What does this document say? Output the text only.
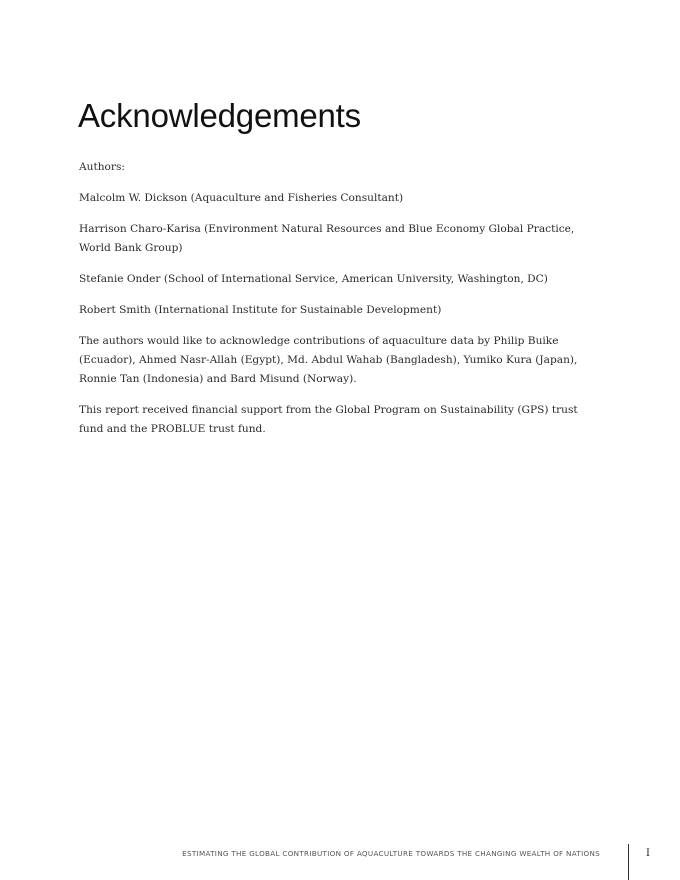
Acknowledgements

Authors:

Malcolm W. Dickson (Aquaculture and Fisheries Consultant)

Harrison Charo-Karisa (Environment Natural Resources and Blue Economy Global Practice, World Bank Group)

Stefanie Onder (School of International Service, American University, Washington, DC)

Robert Smith (International Institute for Sustainable Development)

The authors would like to acknowledge contributions of aquaculture data by Philip Buike (Ecuador), Ahmed Nasr-Allah (Egypt), Md. Abdul Wahab (Bangladesh), Yumiko Kura (Japan), Ronnie Tan (Indonesia) and Bard Misund (Norway).

This report received financial support from the Global Program on Sustainability (GPS) trust fund and the PROBLUE trust fund.

ESTIMATING THE GLOBAL CONTRIBUTION OF AQUACULTURE TOWARDS THE CHANGING WEALTH OF NATIONS	I
